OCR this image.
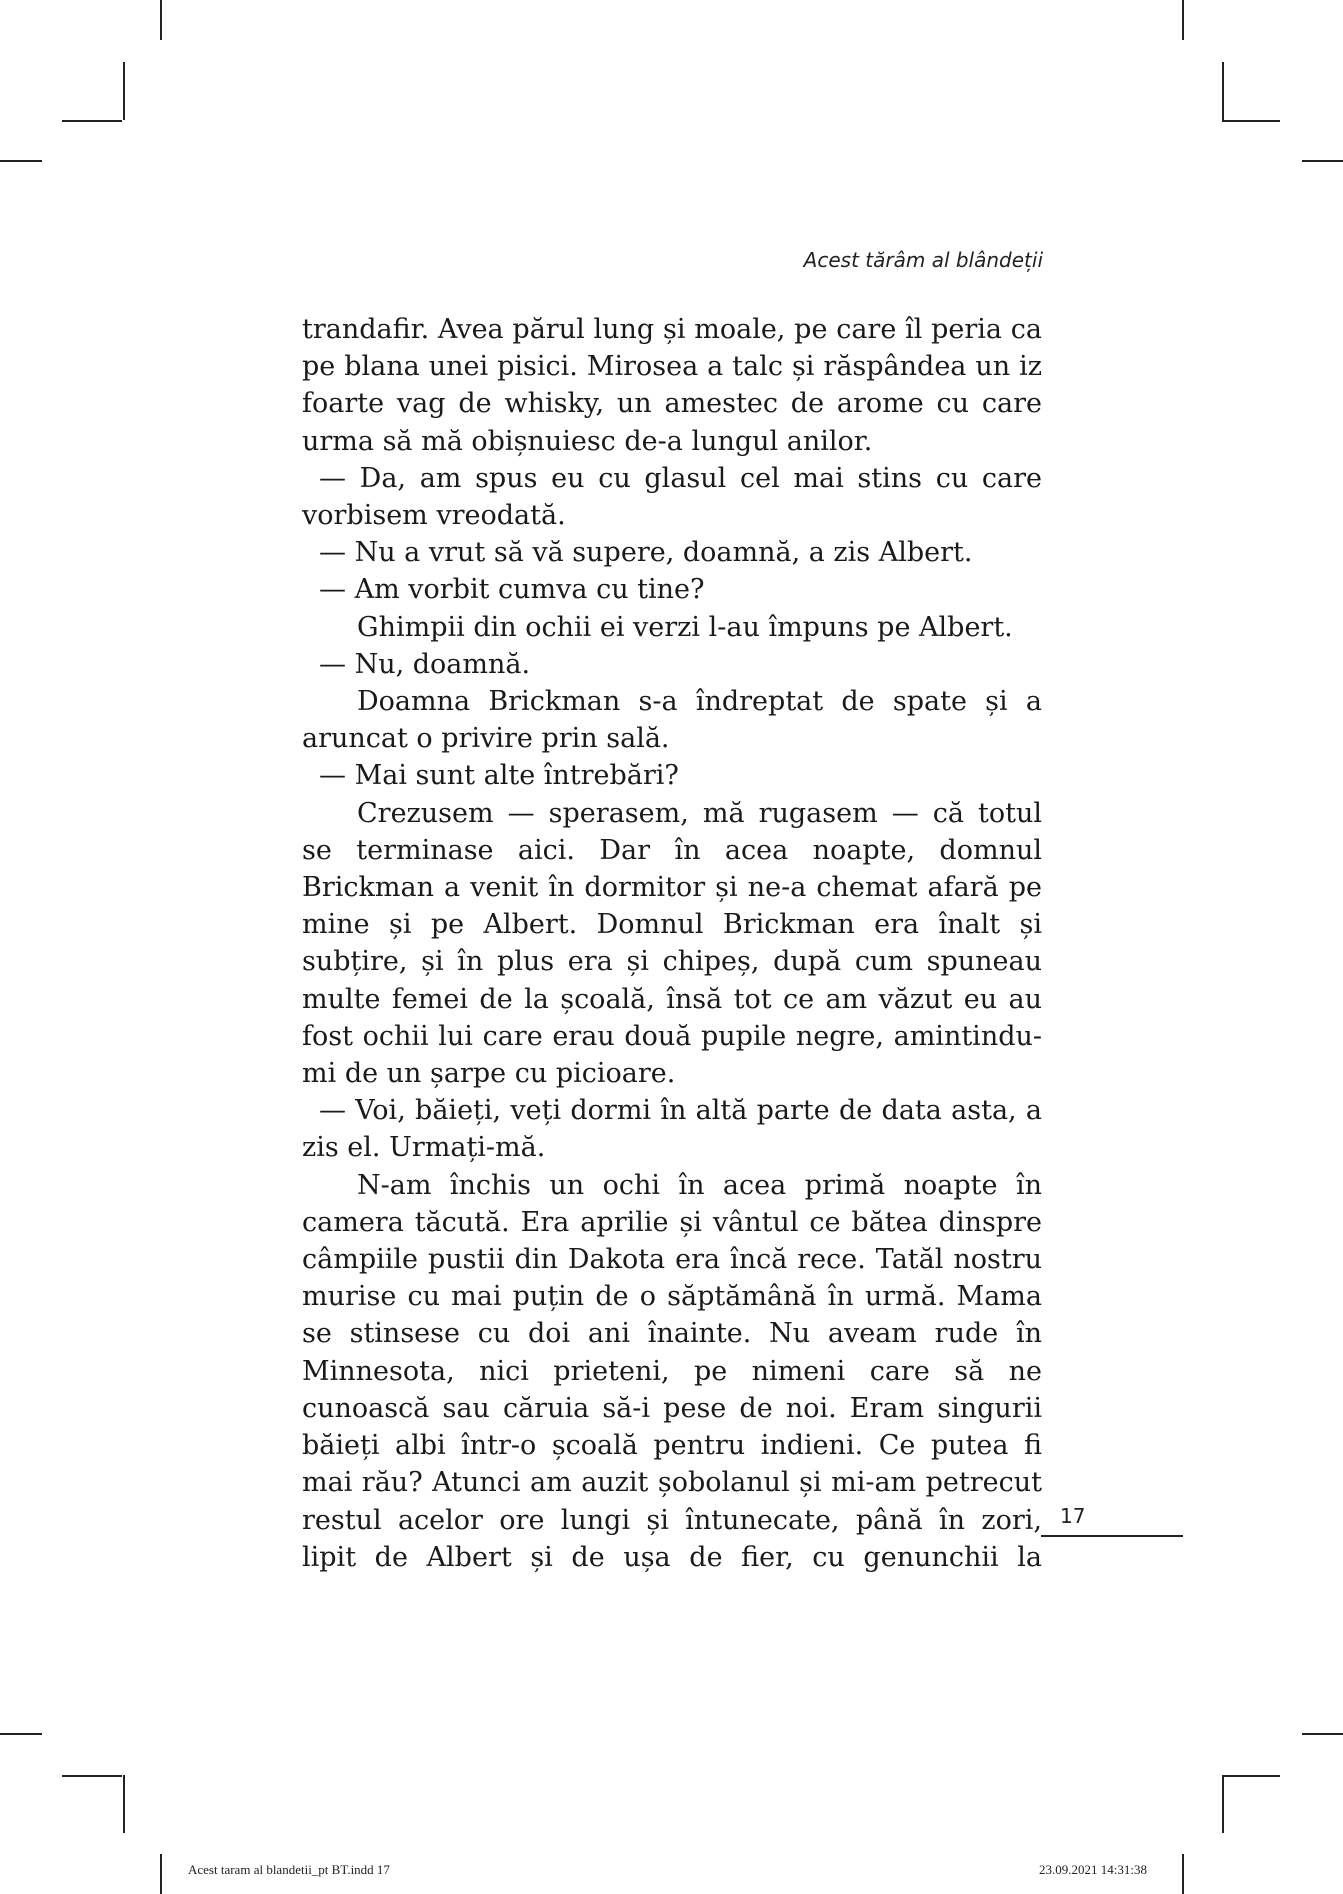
Acest tărâm al blândeții

trandafir. Avea părul lung și moale, pe care îl peria ca pe blana unei pisici. Mirosea a talc și răspândea un iz foarte vag de whisky, un amestec de arome cu care urma să mă obișnuiesc de-a lungul anilor.

— Da, am spus eu cu glasul cel mai stins cu care vorbisem vreodată.

— Nu a vrut să vă supere, doamnă, a zis Albert.

— Am vorbit cumva cu tine?

Ghimpii din ochii ei verzi l-au împuns pe Albert.

— Nu, doamnă.

Doamna Brickman s-a îndreptat de spate și a aruncat o privire prin sală.

— Mai sunt alte întrebări?

Crezusem — sperasem, mă rugasem — că totul se terminase aici. Dar în acea noapte, domnul Brickman a venit în dormitor și ne-a chemat afară pe mine și pe Albert. Domnul Brickman era înalt și subțire, și în plus era și chipeș, după cum spuneau multe femei de la școală, însă tot ce am văzut eu au fost ochii lui care erau două pupile negre, amintindu-mi de un șarpe cu picioare.

— Voi, băieți, veți dormi în altă parte de data asta, a zis el. Urmați-mă.

N-am închis un ochi în acea primă noapte în camera tăcută. Era aprilie și vântul ce bătea dinspre câmpiile pustii din Dakota era încă rece. Tatăl nostru murise cu mai puțin de o săptămână în urmă. Mama se stinsese cu doi ani înainte. Nu aveam rude în Minnesota, nici prieteni, pe nimeni care să ne cunoască sau căruia să-i pese de noi. Eram singurii băieți albi într-o școală pentru indieni. Ce putea fi mai rău? Atunci am auzit șobolanul și mi-am petrecut restul acelor ore lungi și întunecate, până în zori, lipit de Albert și de ușa de fier, cu genunchii la

17
Acest taram al blandetii_pt BT.indd 17	23.09.2021 14:31:38
